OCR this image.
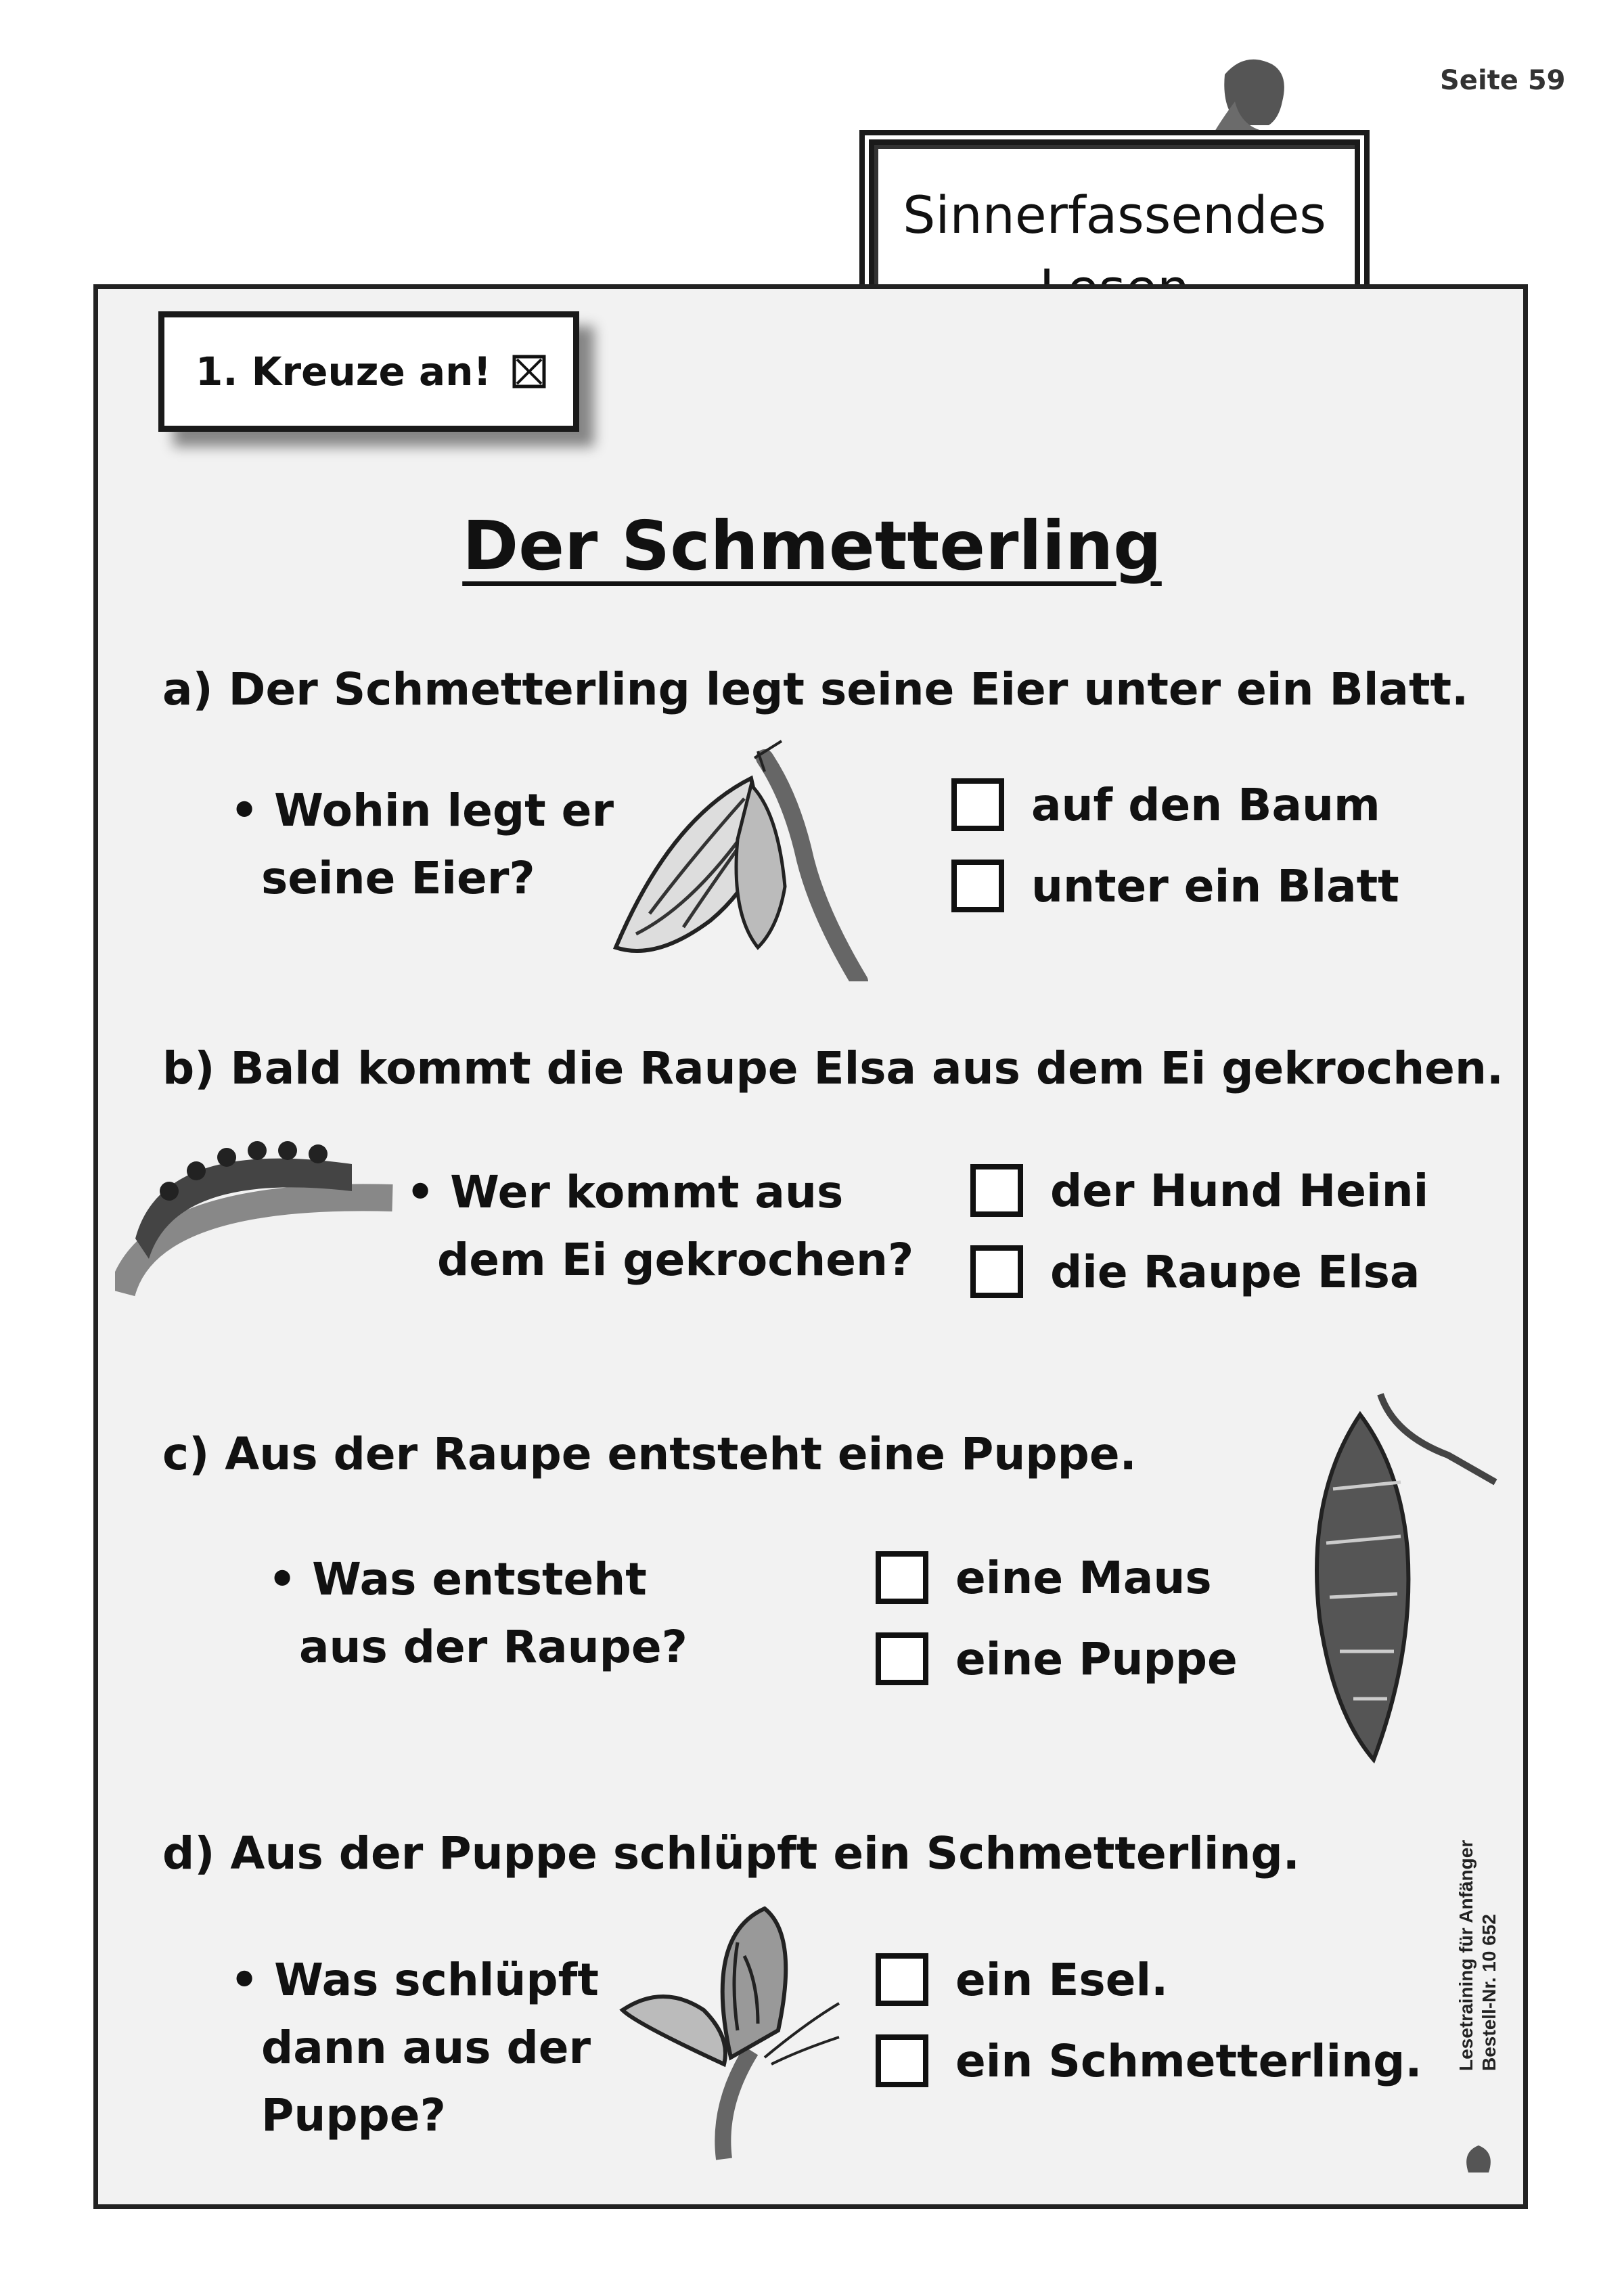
Seite 59
Sinnerfassendes
1. Kreuze an!
Der Schmetterling
a) Der Schmetterling legt seine Eier unter ein Blatt.
• Wohin legt er
seine Eier?
auf den Baum
unter ein Blatt
b) Bald kommt die Raupe Elsa aus dem Ei gekrochen.
• Wer kommt aus
dem Ei gekrochen?
der Hund Heini
die Raupe Elsa
c) Aus der Raupe entsteht eine Puppe.
• Was entsteht
aus der Raupe?
eine Maus
eine Puppe
d) Aus der Puppe schlüpft ein Schmetterling.
• Was schlüpft
dann aus der
Puppe?
ein Esel.
ein Schmetterling. Lesetraining für Anfänger Bestell-Nr. 10 652
